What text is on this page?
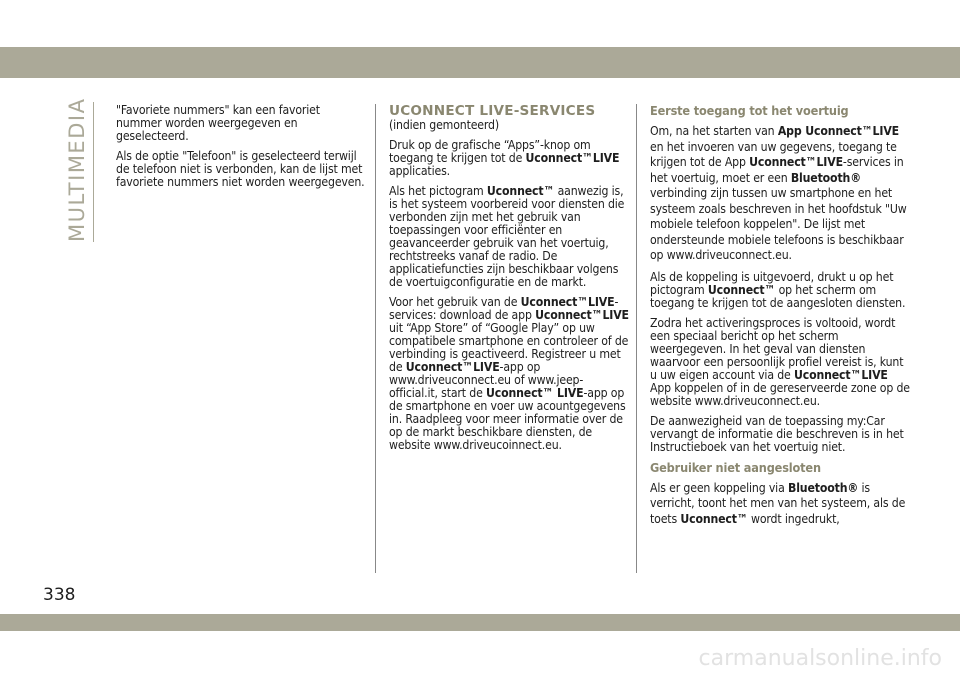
MULTIMEDIA	"Favoriete nummers" kan een favoriet nummer worden weergegeven en geselecteerd.

Als de optie "Telefoon" is geselecteerd terwijl de telefoon niet is verbonden, kan de lijst met favoriete nummers niet worden weergegeven.

UCONNECT LIVE-SERVICES

(indien gemonteerd)

Druk op de grafische “Apps”-knop om toegang te krijgen tot de Uconnect™LIVE applicaties.

Als het pictogram Uconnect™ aanwezig is, is het systeem voorbereid voor diensten die verbonden zijn met het gebruik van toepassingen voor efficiënter en geavanceerder gebruik van het voertuig, rechtstreeks vanaf de radio. De applicatiefuncties zijn beschikbaar volgens de voertuigconfiguratie en de markt.

Voor het gebruik van de Uconnect™LIVE-services: download de app Uconnect™LIVE uit “App Store” of “Google Play” op uw compatibele smartphone en controleer of de verbinding is geactiveerd. Registreer u met de Uconnect™LIVE-app op www.driveuconnect.eu of www.jeep-official.it, start de Uconnect™ LIVE-app op de smartphone en voer uw acountgegevens in. Raadpleeg voor meer informatie over de op de markt beschikbare diensten, de website www.driveucoinnect.eu.

Eerste toegang tot het voertuig

Om, na het starten van App Uconnect™LIVE en het invoeren van uw gegevens, toegang te krijgen tot de App Uconnect™LIVE-services in het voertuig, moet er een Bluetooth® verbinding zijn tussen uw smartphone en het systeem zoals beschreven in het hoofdstuk "Uw mobiele telefoon koppelen". De lijst met ondersteunde mobiele telefoons is beschikbaar op www.driveuconnect.eu.

Als de koppeling is uitgevoerd, drukt u op het pictogram Uconnect™ op het scherm om toegang te krijgen tot de aangesloten diensten.

Zodra het activeringsproces is voltooid, wordt een speciaal bericht op het scherm weergegeven. In het geval van diensten waarvoor een persoonlijk profiel vereist is, kunt u uw eigen account via de Uconnect™LIVE App koppelen of in de gereserveerde zone op de website www.driveuconnect.eu.

De aanwezigheid van de toepassing my:Car vervangt de informatie die beschreven is in het Instructieboek van het voertuig niet.

Gebruiker niet aangesloten

Als er geen koppeling via Bluetooth® is verricht, toont het men van het systeem, als de toets Uconnect™ wordt ingedrukt,

338
carmanualsonline.info
